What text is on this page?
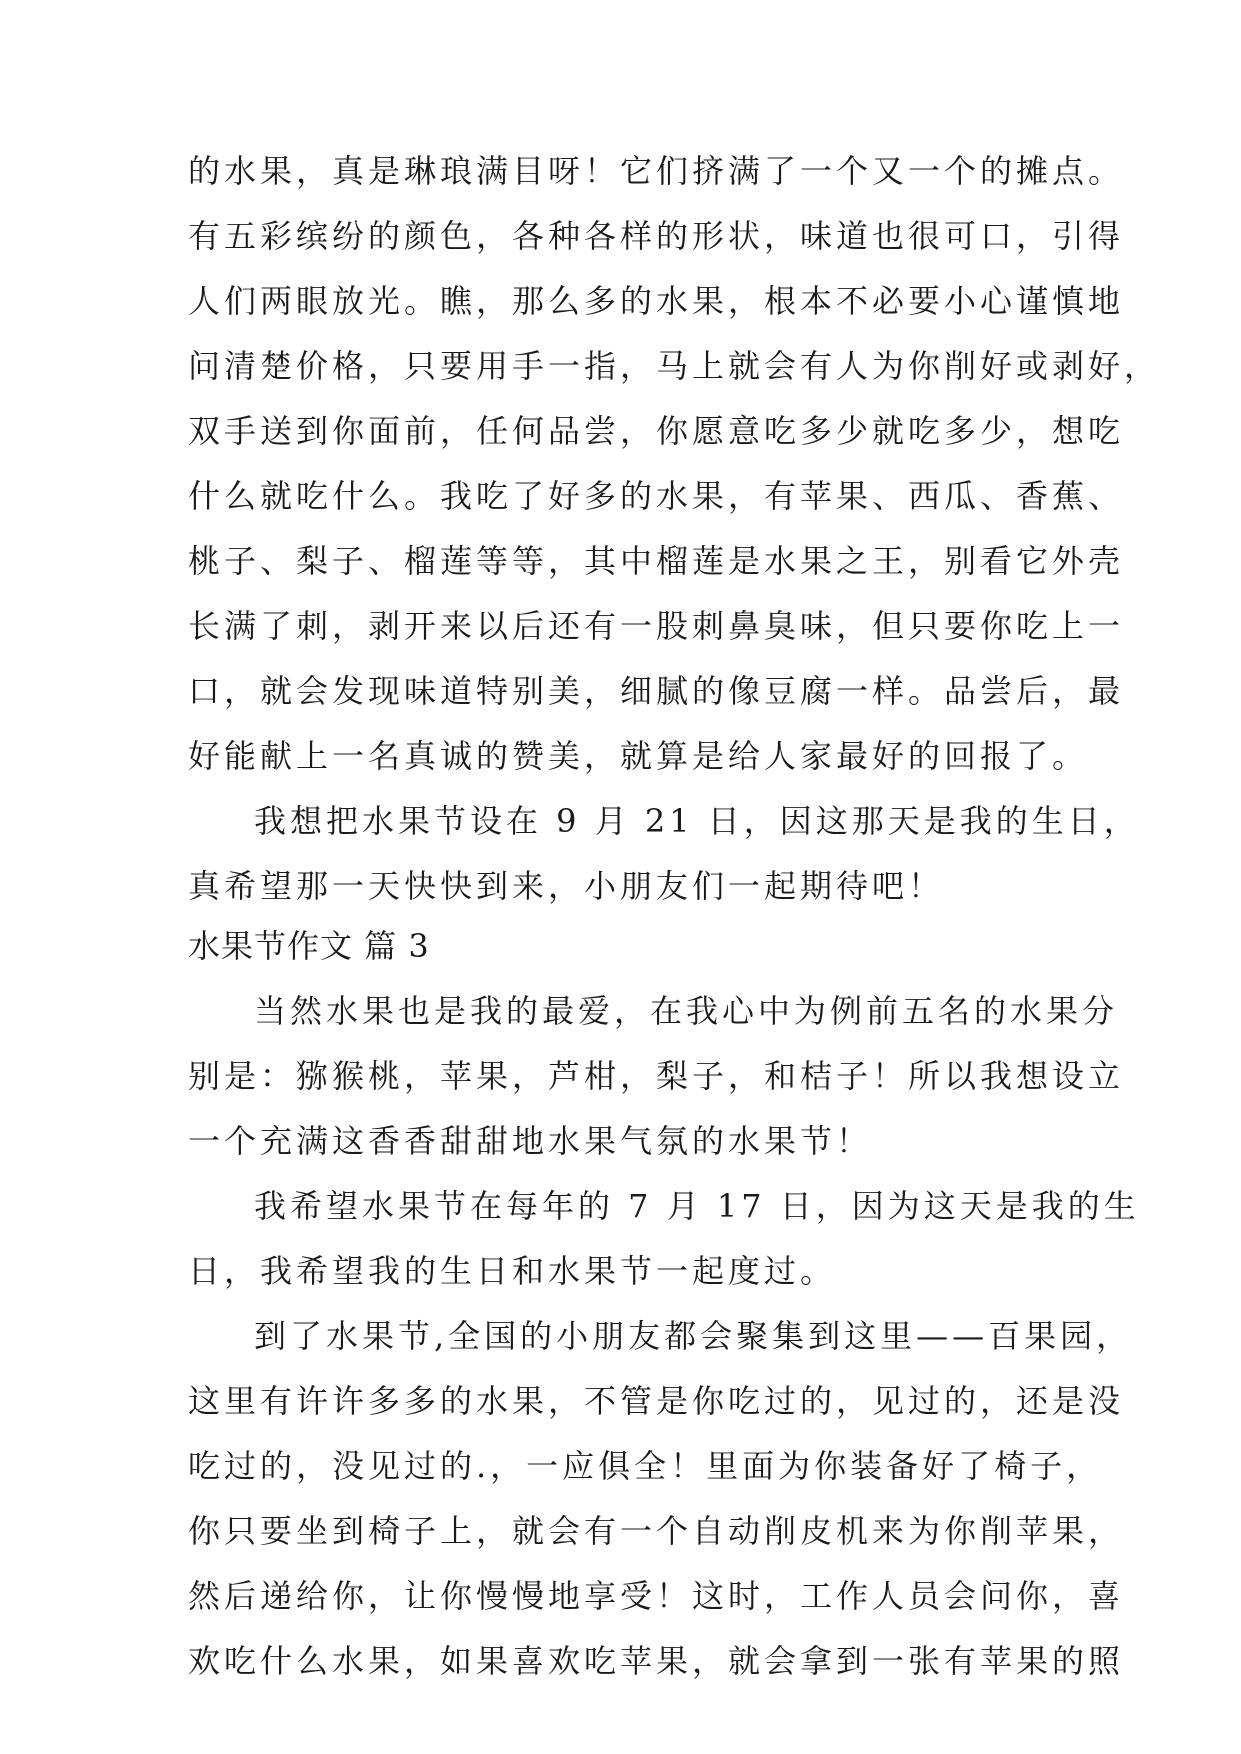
的水果，真是琳琅满目呀！它们挤满了一个又一个的摊点。
有五彩缤纷的颜色，各种各样的形状，味道也很可口，引得
人们两眼放光。瞧，那么多的水果，根本不必要小心谨慎地
问清楚价格，只要用手一指，马上就会有人为你削好或剥好，
双手送到你面前，任何品尝，你愿意吃多少就吃多少，想吃
什么就吃什么。我吃了好多的水果，有苹果、西瓜、香蕉、
桃子、梨子、榴莲等等，其中榴莲是水果之王，别看它外壳
长满了刺，剥开来以后还有一股刺鼻臭味，但只要你吃上一
口，就会发现味道特别美，细腻的像豆腐一样。品尝后，最
好能献上一名真诚的赞美，就算是给人家最好的回报了。
我想把水果节设在 9 月 21 日，因这那天是我的生日，
真希望那一天快快到来，小朋友们一起期待吧！
水果节作文 篇 3
当然水果也是我的最爱，在我心中为例前五名的水果分
别是：猕猴桃，苹果，芦柑，梨子，和桔子！所以我想设立
一个充满这香香甜甜地水果气氛的水果节！
我希望水果节在每年的 7 月 17 日，因为这天是我的生
日，我希望我的生日和水果节一起度过。
到了水果节,全国的小朋友都会聚集到这里——百果园，
这里有许许多多的水果，不管是你吃过的，见过的，还是没
吃过的，没见过的.，一应俱全！里面为你装备好了椅子，
你只要坐到椅子上，就会有一个自动削皮机来为你削苹果，
然后递给你，让你慢慢地享受！这时，工作人员会问你，喜
欢吃什么水果，如果喜欢吃苹果，就会拿到一张有苹果的照
